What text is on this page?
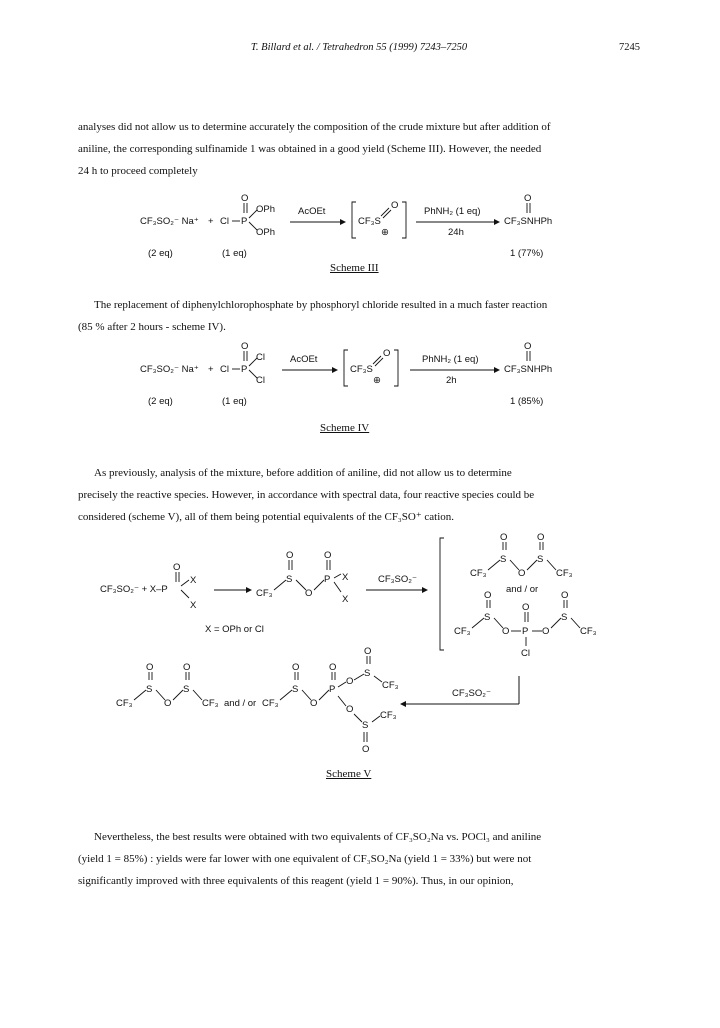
T. Billard et al. / Tetrahedron 55 (1999) 7243–7250	7245
analyses did not allow us to determine accurately the composition of the crude mixture but after addition of
aniline, the corresponding sulfinamide 1 was obtained in a good yield (Scheme III). However, the needed
24 h to proceed completely
CF₃SO₂⁻ Na⁺ + Cl P
O
OPh
OPh
AcOEt
CF₃S
O
⊕
PhNH₂ (1 eq)
24h
CF₃SNHPh
O
(2 eq)	(1 eq)	1 (77%)
Scheme III
The replacement of diphenylchlorophosphate by phosphoryl chloride resulted in a much faster reaction
(85 % after 2 hours - scheme IV).
CF₃SO₂⁻ Na⁺ + Cl P
O
Cl
Cl
AcOEt
CF₃S
O
⊕
PhNH₂ (1 eq)
2h
CF₃SNHPh
O
(2 eq)	(1 eq)	1 (85%)
Scheme IV
As previously, analysis of the mixture, before addition of aniline, did not allow us to determine
precisely the reactive species. However, in accordance with spectral data, four reactive species could be
considered (scheme V), all of them being potential equivalents of the CF₃SO⁺ cation.
CF₃SO₂⁻ + X–P
O
X
X
X = OPh or Cl
CF₃
S
O
O
P
O
X
X
CF₃SO₂⁻
CF₃
S
O
O
S
O
CF₃
and / or
CF₃
S
O
O P
O
Cl
O
S
O
CF₃
CF₃SO₂⁻
CF₃
S
O
O
S
O
CF₃ and / or CF₃
S
O
O
P
O
O
S
O
CF₃
O
S
CF₃
O
Scheme V
Nevertheless, the best results were obtained with two equivalents of CF₃SO₂Na vs. POCl₃ and aniline
(yield 1 = 85%) : yields were far lower with one equivalent of CF₃SO₂Na (yield 1 = 33%) but were not
significantly improved with three equivalents of this reagent (yield 1 = 90%). Thus, in our opinion,
